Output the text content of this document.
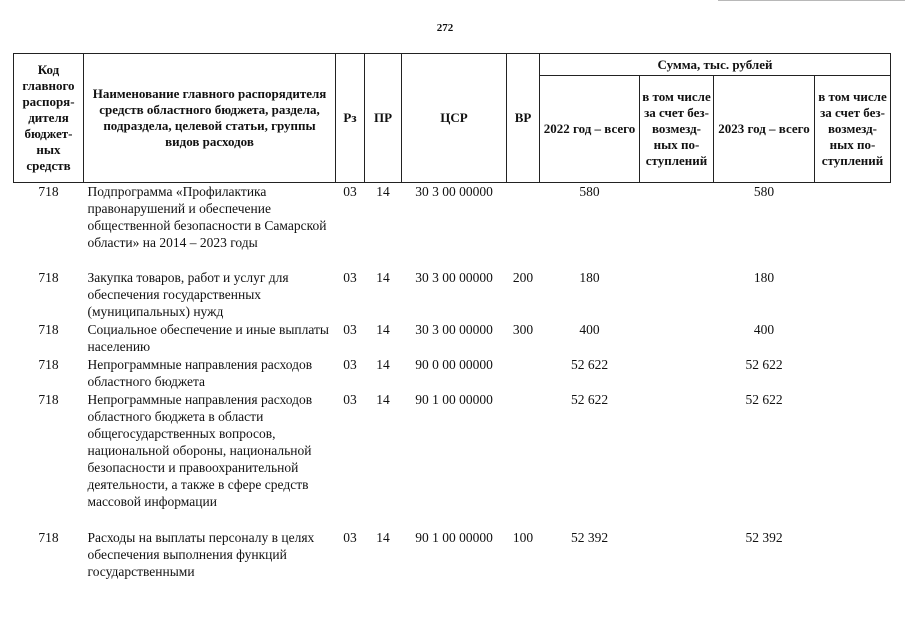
272
Код главного распоря-дителя бюджет-ных средств	Наименование главного распорядителя средств областного бюджета, раздела, подраздела, целевой статьи, группы видов расходов	Рз	ПР	ЦСР	ВР	Сумма, тыс. рублей			
						2022 год – всего	в том числе за счет без-возмезд-ных по-ступлений	2023 год – всего	в том числе за счет без-возмезд-ных по-ступлений
718	Подпрограмма «Профилактика правонарушений и обеспечение общественной безопасности в Самарской области» на 2014 – 2023 годы	03	14	30 3 00 00000		580		580	
718	Закупка товаров, работ и услуг для обеспечения государственных (муниципальных) нужд	03	14	30 3 00 00000	200	180		180	
718	Социальное обеспечение и иные выплаты населению	03	14	30 3 00 00000	300	400		400	
718	Непрограммные направления расходов областного бюджета	03	14	90 0 00 00000		52 622		52 622	
718	Непрограммные направления расходов областного бюджета в области общегосударственных вопросов, национальной обороны, национальной безопасности и правоохранительной деятельности, а также в сфере средств массовой информации	03	14	90 1 00 00000		52 622		52 622	
718	Расходы на выплаты персоналу в целях обеспечения выполнения функций государственными	03	14	90 1 00 00000	100	52 392		52 392	
